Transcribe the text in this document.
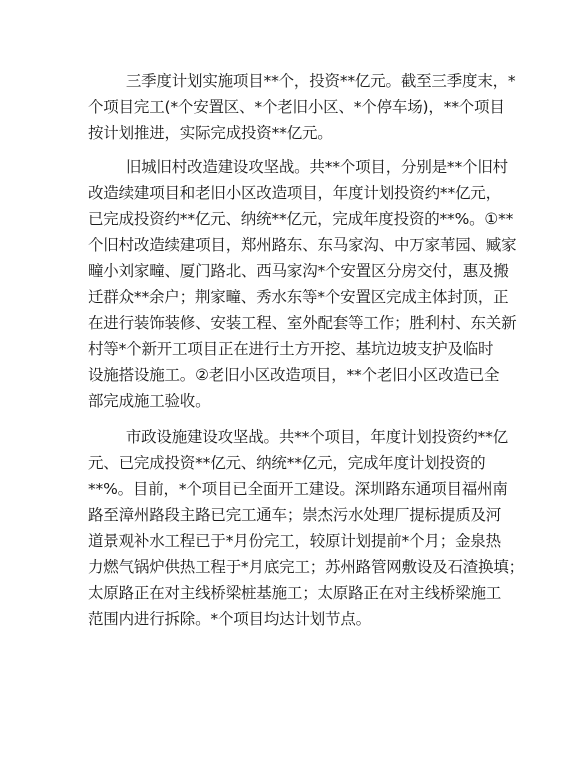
三季度计划实施项目**个，投资**亿元。截至三季度末，*
个项目完工(*个安置区、*个老旧小区、*个停车场)，**个项目
按计划推进，实际完成投资**亿元。
旧城旧村改造建设攻坚战。共**个项目，分别是**个旧村
改造续建项目和老旧小区改造项目，年度计划投资约**亿元，
已完成投资约**亿元、纳统**亿元，完成年度投资的**%。①**
个旧村改造续建项目，郑州路东、东马家沟、中万家苇园、臧家
疃小刘家疃、厦门路北、西马家沟*个安置区分房交付，惠及搬
迁群众**余户；荆家疃、秀水东等*个安置区完成主体封顶，正
在进行装饰装修、安装工程、室外配套等工作；胜利村、东关新
村等*个新开工项目正在进行土方开挖、基坑边坡支护及临时
设施搭设施工。②老旧小区改造项目，**个老旧小区改造已全
部完成施工验收。
市政设施建设攻坚战。共**个项目，年度计划投资约**亿
元、已完成投资**亿元、纳统**亿元，完成年度计划投资的
**%。目前，*个项目已全面开工建设。深圳路东通项目福州南
路至漳州路段主路已完工通车；崇杰污水处理厂提标提质及河
道景观补水工程已于*月份完工，较原计划提前*个月；金泉热
力燃气锅炉供热工程于*月底完工；苏州路管网敷设及石渣换填；
太原路正在对主线桥梁桩基施工；太原路正在对主线桥梁施工
范围内进行拆除。*个项目均达计划节点。
